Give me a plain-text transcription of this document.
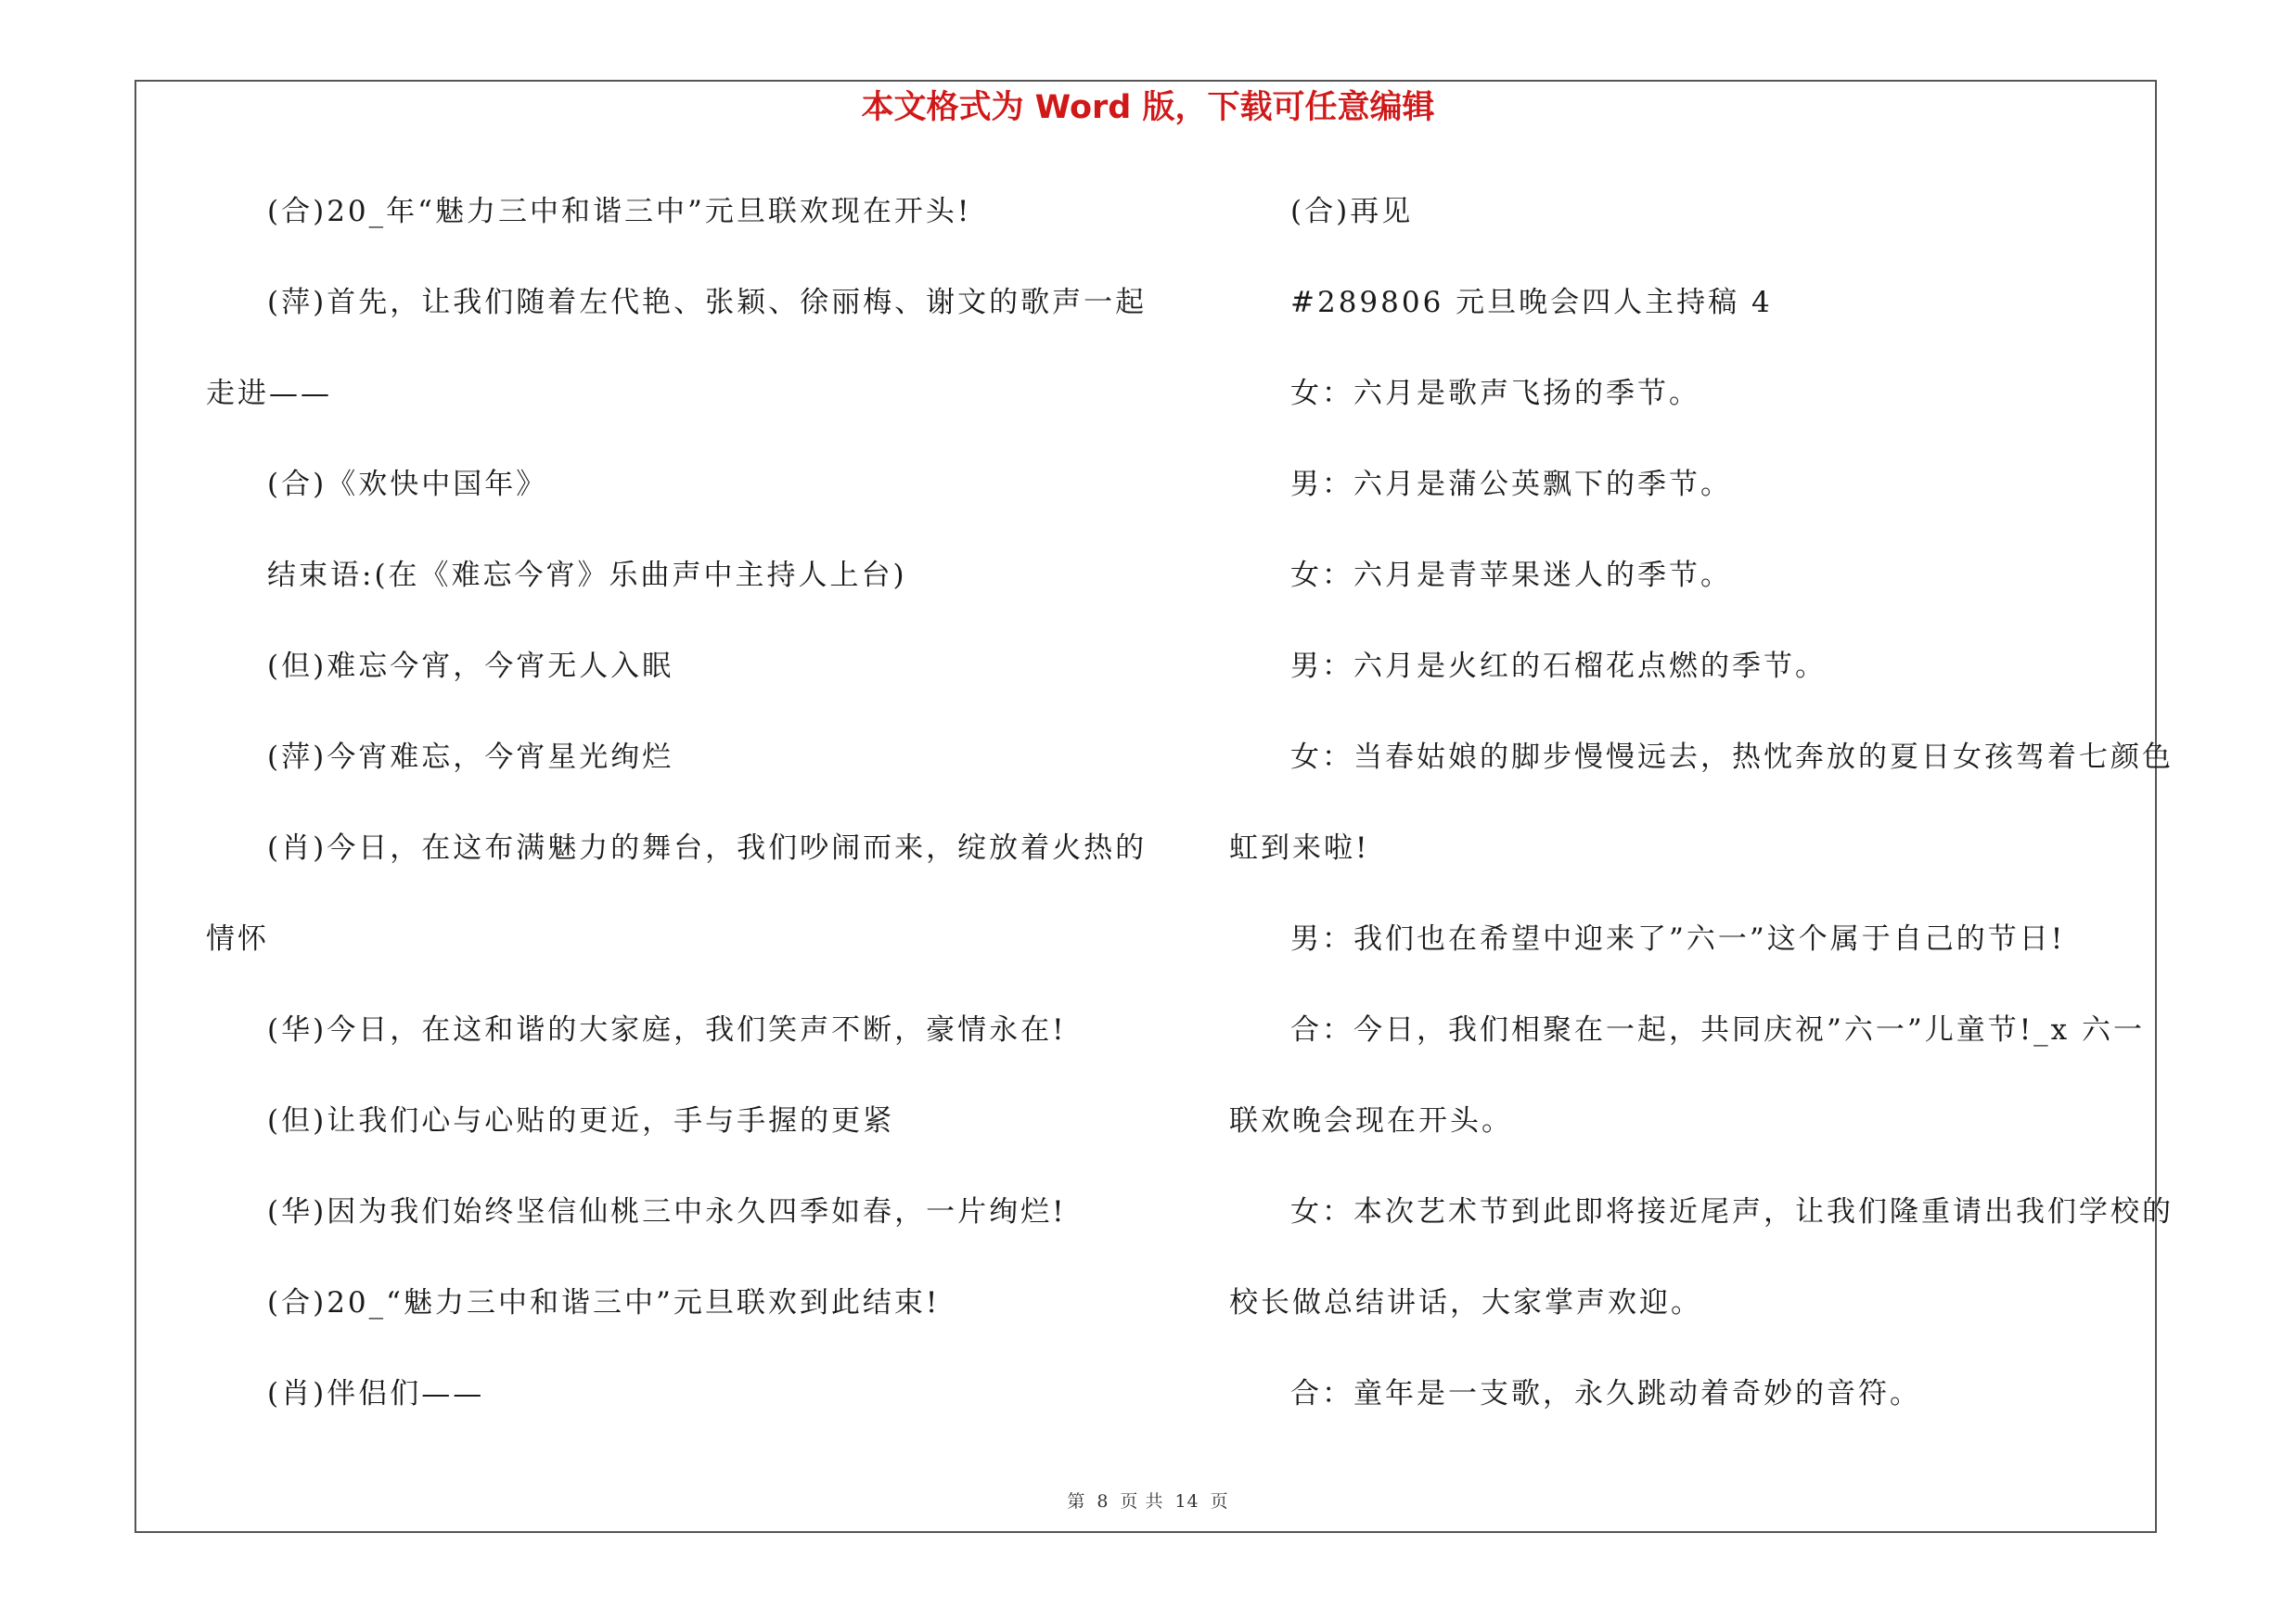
本文格式为 Word 版，下载可任意编辑
(合)20_年“魅力三中和谐三中”元旦联欢现在开头!
(萍)首先，让我们随着左代艳、张颖、徐丽梅、谢文的歌声一起
走进——
(合)《欢快中国年》
结束语:(在《难忘今宵》乐曲声中主持人上台)
(但)难忘今宵，今宵无人入眠
(萍)今宵难忘，今宵星光绚烂
(肖)今日，在这布满魅力的舞台，我们吵闹而来，绽放着火热的
情怀
(华)今日，在这和谐的大家庭，我们笑声不断，豪情永在!
(但)让我们心与心贴的更近，手与手握的更紧
(华)因为我们始终坚信仙桃三中永久四季如春，一片绚烂!
(合)20_“魅力三中和谐三中”元旦联欢到此结束!
(肖)伴侣们——
(合)再见
#289806 元旦晚会四人主持稿 4
女：六月是歌声飞扬的季节。
男：六月是蒲公英飘下的季节。
女：六月是青苹果迷人的季节。
男：六月是火红的石榴花点燃的季节。
女：当春姑娘的脚步慢慢远去，热忱奔放的夏日女孩驾着七颜色
虹到来啦!
男：我们也在希望中迎来了”六一”这个属于自己的节日!
合：今日，我们相聚在一起，共同庆祝”六一”儿童节!_x 六一
联欢晚会现在开头。
女：本次艺术节到此即将接近尾声，让我们隆重请出我们学校的
校长做总结讲话，大家掌声欢迎。
合：童年是一支歌，永久跳动着奇妙的音符。
第 8 页 共 14 页
